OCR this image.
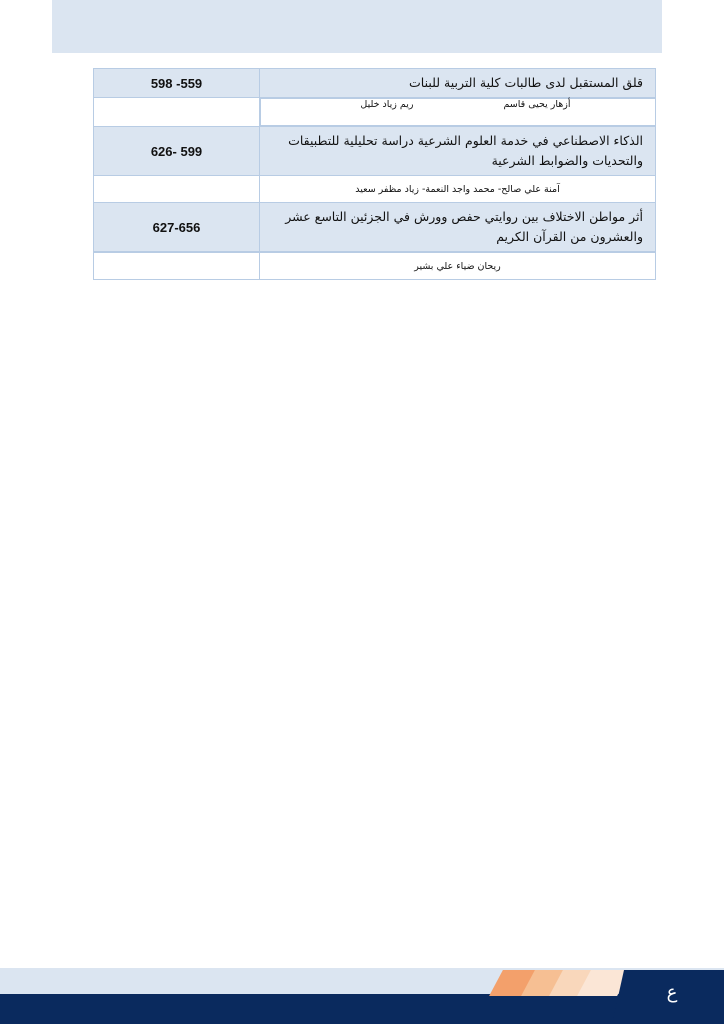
598 -559	قلق المستقبل لدى طالبات كلية التربية للبنات

أزهار يحيى قاسم
ريم زياد خليل

626- 599	الذكاء الاصطناعي في خدمة العلوم الشرعية دراسة تحليلية للتطبيقات والتحديات والضوابط الشرعية
	آمنة علي صالح- محمد واجد النعمة- زياد مظفر سعيد
627-656	أثر مواطن الاختلاف بين روايتي حفص وورش في الجزئين التاسع عشر والعشرون من القرآن الكريم
	ريحان ضياء علي بشير
ع
